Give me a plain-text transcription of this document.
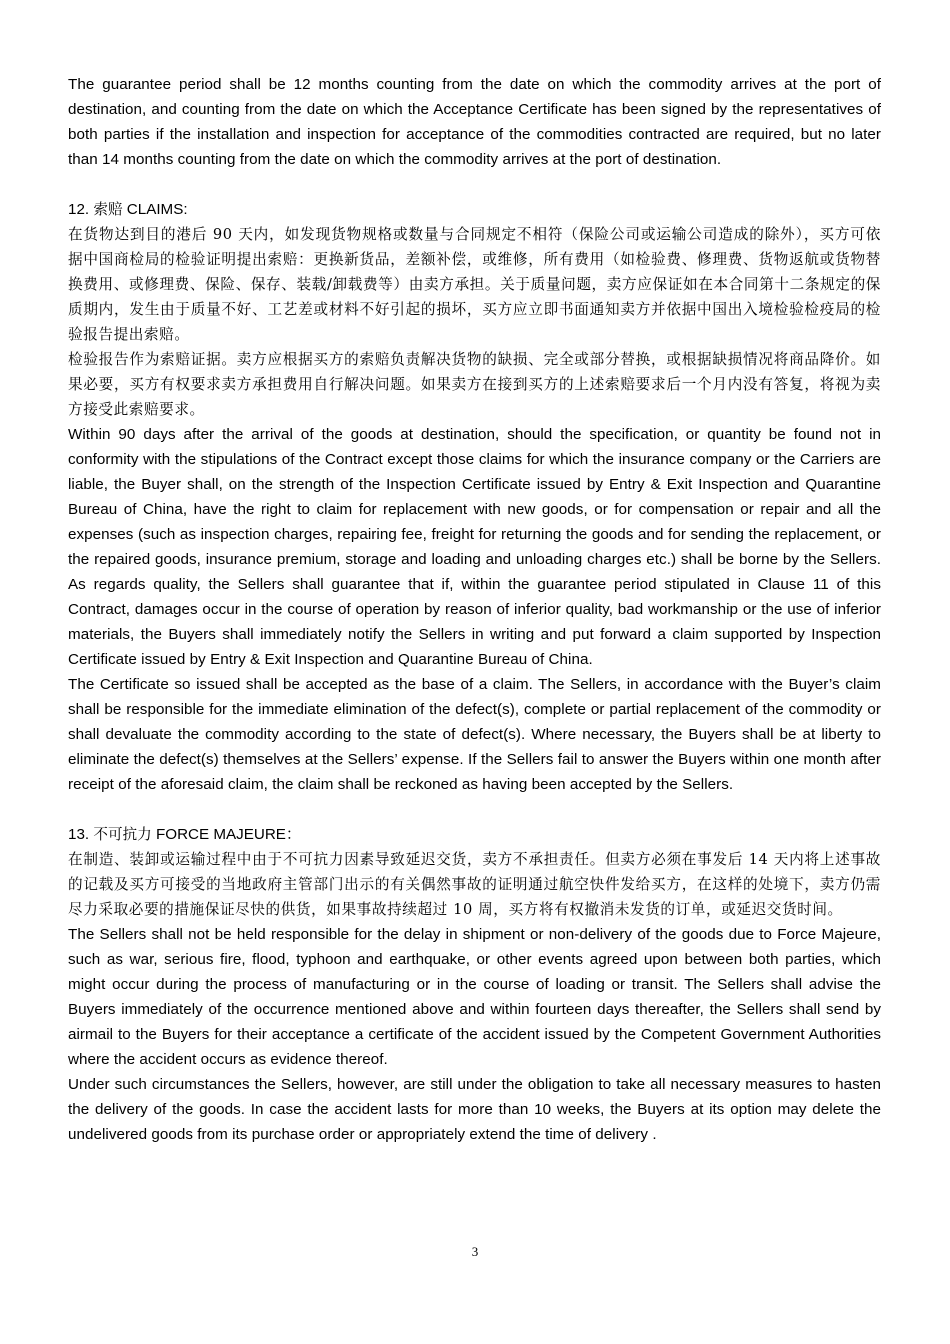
The guarantee period shall be 12 months counting from the date on which the commodity arrives at the port of destination, and counting from the date on which the Acceptance Certificate has been signed by the representatives of both parties if the installation and inspection for acceptance of the commodities contracted are required, but no later than 14 months counting from the date on which the commodity arrives at the port of destination.

12. 索赔 CLAIMS:

在货物达到目的港后 90 天内，如发现货物规格或数量与合同规定不相符（保险公司或运输公司造成的除外），买方可依据中国商检局的检验证明提出索赔：更换新货品，差额补偿，或维修，所有费用（如检验费、修理费、货物返航或货物替换费用、或修理费、保险、保存、装载/卸载费等）由卖方承担。关于质量问题，卖方应保证如在本合同第十二条规定的保质期内，发生由于质量不好、工艺差或材料不好引起的损坏，买方应立即书面通知卖方并依据中国出入境检验检疫局的检验报告提出索赔。

检验报告作为索赔证据。卖方应根据买方的索赔负责解决货物的缺损、完全或部分替换，或根据缺损情况将商品降价。如果必要，买方有权要求卖方承担费用自行解决问题。如果卖方在接到买方的上述索赔要求后一个月内没有答复，将视为卖方接受此索赔要求。

Within 90 days after the arrival of the goods at destination, should the specification, or quantity be found not in conformity with the stipulations of the Contract except those claims for which the insurance company or the Carriers are liable, the Buyer shall, on the strength of the Inspection Certificate issued by Entry & Exit Inspection and Quarantine Bureau of China, have the right to claim for replacement with new goods, or for compensation or repair and all the expenses (such as inspection charges, repairing fee, freight for returning the goods and for sending the replacement, or the repaired goods, insurance premium, storage and loading and unloading charges etc.) shall be borne by the Sellers. As regards quality, the Sellers shall guarantee that if, within the guarantee period stipulated in Clause 11 of this Contract, damages occur in the course of operation by reason of inferior quality, bad workmanship or the use of inferior materials, the Buyers shall immediately notify the Sellers in writing and put forward a claim supported by Inspection Certificate issued by Entry & Exit Inspection and Quarantine Bureau of China.

The Certificate so issued shall be accepted as the base of a claim. The Sellers, in accordance with the Buyer’s claim shall be responsible for the immediate elimination of the defect(s), complete or partial replacement of the commodity or shall devaluate the commodity according to the state of defect(s). Where necessary, the Buyers shall be at liberty to eliminate the defect(s) themselves at the Sellers’ expense. If the Sellers fail to answer the Buyers within one month after receipt of the aforesaid claim, the claim shall be reckoned as having been accepted by the Sellers.

13. 不可抗力 FORCE MAJEURE：

在制造、装卸或运输过程中由于不可抗力因素导致延迟交货，卖方不承担责任。但卖方必须在事发后 14 天内将上述事故的记载及买方可接受的当地政府主管部门出示的有关偶然事故的证明通过航空快件发给买方，在这样的处境下，卖方仍需尽力采取必要的措施保证尽快的供货，如果事故持续超过 10 周，买方将有权撤消未发货的订单，或延迟交货时间。

The Sellers shall not be held responsible for the delay in shipment or non-delivery of the goods due to Force Majeure, such as war, serious fire, flood, typhoon and earthquake, or other events agreed upon between both parties, which might occur during the process of manufacturing or in the course of loading or transit. The Sellers shall advise the Buyers immediately of the occurrence mentioned above and within fourteen days thereafter, the Sellers shall send by airmail to the Buyers for their acceptance a certificate of the accident issued by the Competent Government Authorities where the accident occurs as evidence thereof.

Under such circumstances the Sellers, however, are still under the obligation to take all necessary measures to hasten the delivery of the goods. In case the accident lasts for more than 10 weeks, the Buyers at its option may delete the undelivered goods from its purchase order or appropriately extend the time of delivery .

3
